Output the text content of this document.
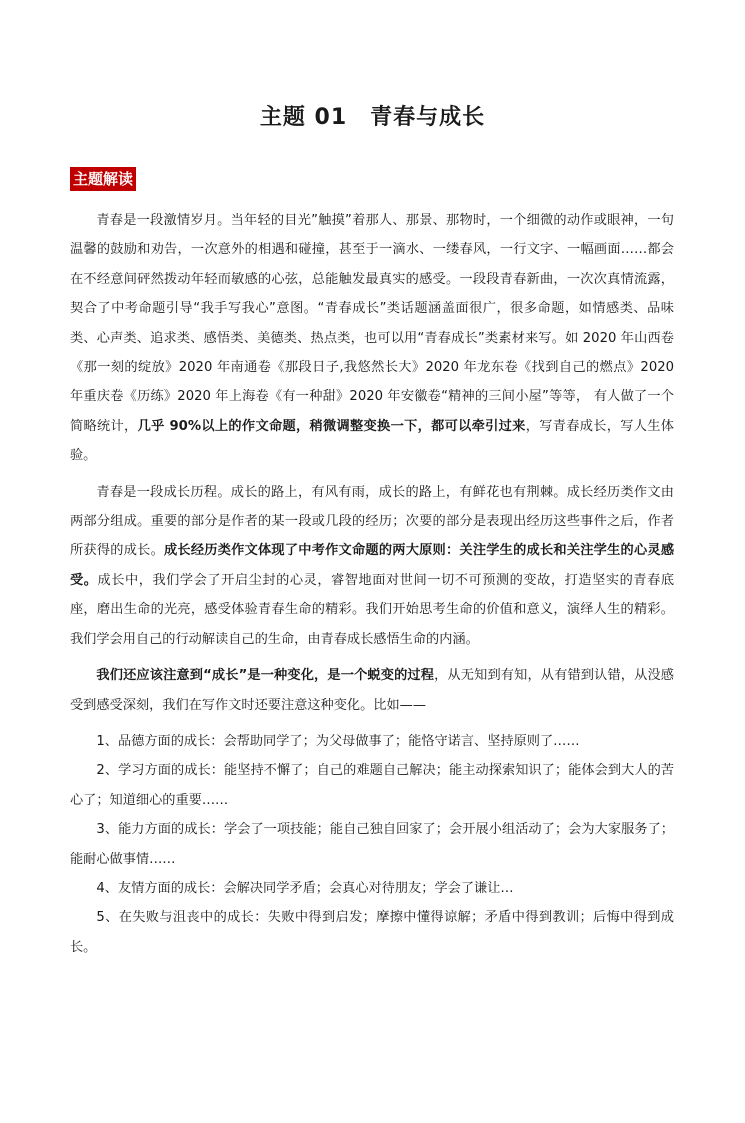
主题 01　青春与成长
主题解读

青春是一段激情岁月。当年轻的目光”触摸”着那人、那景、那物时，一个细微的动作或眼神，一句温馨的鼓励和劝告，一次意外的相遇和碰撞，甚至于一滴水、一缕春风，一行文字、一幅画面……都会在不经意间砰然拨动年轻而敏感的心弦，总能触发最真实的感受。一段段青春新曲，一次次真情流露，契合了中考命题引导“我手写我心”意图。“青春成长”类话题涵盖面很广，很多命题，如情感类、品味类、心声类、追求类、感悟类、美德类、热点类，也可以用“青春成长”类素材来写。如 2020 年山西卷《那一刻的绽放》2020 年南通卷《那段日子,我悠然长大》2020 年龙东卷《找到自己的燃点》2020 年重庆卷《历练》2020 年上海卷《有一种甜》2020 年安徽卷“精神的三间小屋”等等， 有人做了一个简略统计，几乎 90%以上的作文命题，稍微调整变换一下，都可以牵引过来，写青春成长，写人生体验。

青春是一段成长历程。成长的路上，有风有雨，成长的路上，有鲜花也有荆棘。成长经历类作文由两部分组成。重要的部分是作者的某一段或几段的经历；次要的部分是表现出经历这些事件之后，作者所获得的成长。成长经历类作文体现了中考作文命题的两大原则：关注学生的成长和关注学生的心灵感受。成长中，我们学会了开启尘封的心灵，睿智地面对世间一切不可预测的变故，打造坚实的青春底座，磨出生命的光亮，感受体验青春生命的精彩。我们开始思考生命的价值和意义，演绎人生的精彩。我们学会用自己的行动解读自己的生命，由青春成长感悟生命的内涵。

我们还应该注意到“成长”是一种变化，是一个蜕变的过程，从无知到有知，从有错到认错，从没感受到感受深刻，我们在写作文时还要注意这种变化。比如——

1、品德方面的成长：会帮助同学了；为父母做事了；能恪守诺言、坚持原则了……

2、学习方面的成长：能坚持不懈了；自己的难题自己解决；能主动探索知识了；能体会到大人的苦心了；知道细心的重要……

3、能力方面的成长：学会了一项技能；能自己独自回家了；会开展小组活动了；会为大家服务了；能耐心做事情……

4、友情方面的成长：会解决同学矛盾；会真心对待朋友；学会了谦让…

5、在失败与沮丧中的成长：失败中得到启发；摩擦中懂得谅解；矛盾中得到教训；后悔中得到成长。
